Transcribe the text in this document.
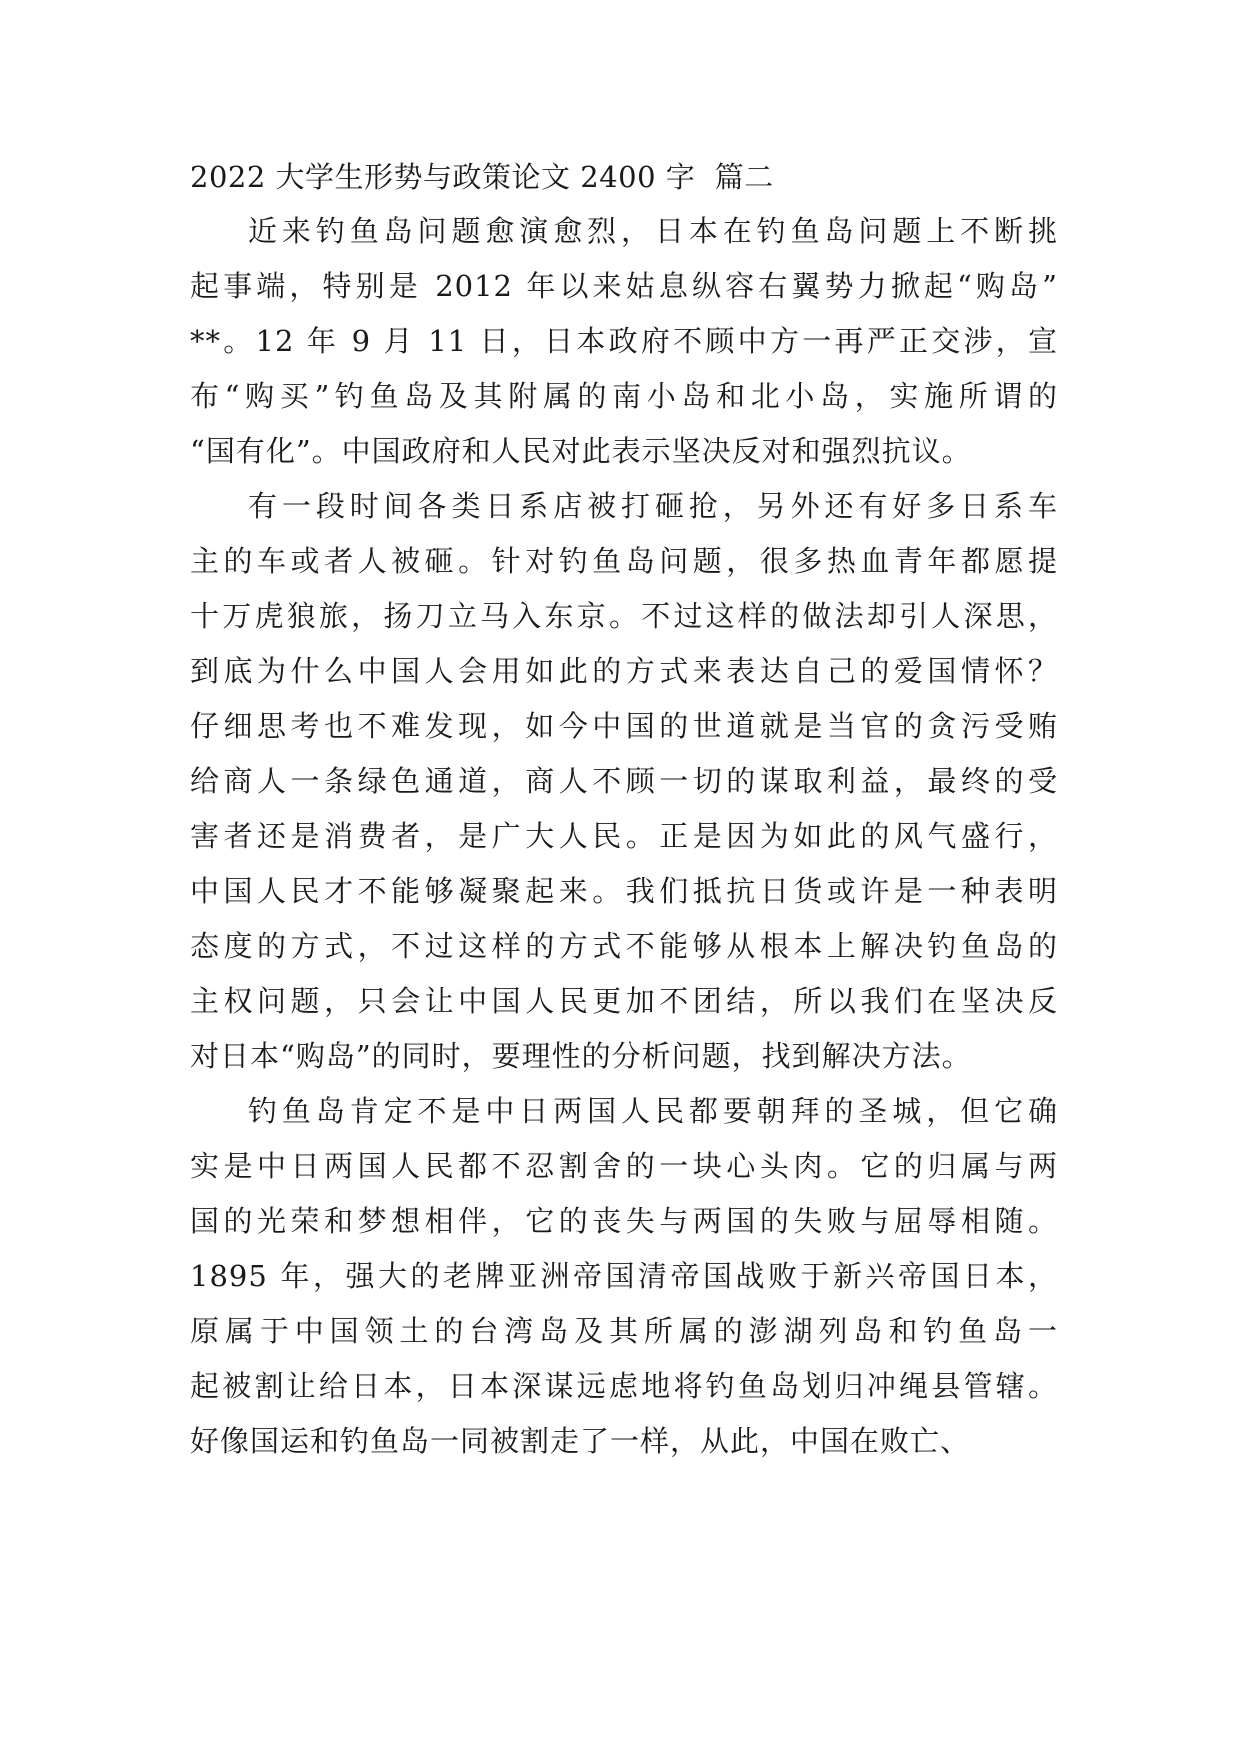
2022 大学生形势与政策论文 2400 字  篇二
近来钓鱼岛问题愈演愈烈，日本在钓鱼岛问题上不断挑
起事端，特别是 2012 年以来姑息纵容右翼势力掀起“购岛”
**。12 年 9 月 11 日，日本政府不顾中方一再严正交涉，宣
布“购买”钓鱼岛及其附属的南小岛和北小岛，实施所谓的
“国有化”。中国政府和人民对此表示坚决反对和强烈抗议。
有一段时间各类日系店被打砸抢，另外还有好多日系车
主的车或者人被砸。针对钓鱼岛问题，很多热血青年都愿提
十万虎狼旅，扬刀立马入东京。不过这样的做法却引人深思，
到底为什么中国人会用如此的方式来表达自己的爱国情怀？
仔细思考也不难发现，如今中国的世道就是当官的贪污受贿
给商人一条绿色通道，商人不顾一切的谋取利益，最终的受
害者还是消费者，是广大人民。正是因为如此的风气盛行，
中国人民才不能够凝聚起来。我们抵抗日货或许是一种表明
态度的方式，不过这样的方式不能够从根本上解决钓鱼岛的
主权问题，只会让中国人民更加不团结，所以我们在坚决反
对日本“购岛”的同时，要理性的分析问题，找到解决方法。
钓鱼岛肯定不是中日两国人民都要朝拜的圣城，但它确
实是中日两国人民都不忍割舍的一块心头肉。它的归属与两
国的光荣和梦想相伴，它的丧失与两国的失败与屈辱相随。
1895 年，强大的老牌亚洲帝国清帝国战败于新兴帝国日本，
原属于中国领土的台湾岛及其所属的澎湖列岛和钓鱼岛一
起被割让给日本，日本深谋远虑地将钓鱼岛划归冲绳县管辖。
好像国运和钓鱼岛一同被割走了一样，从此，中国在败亡、
